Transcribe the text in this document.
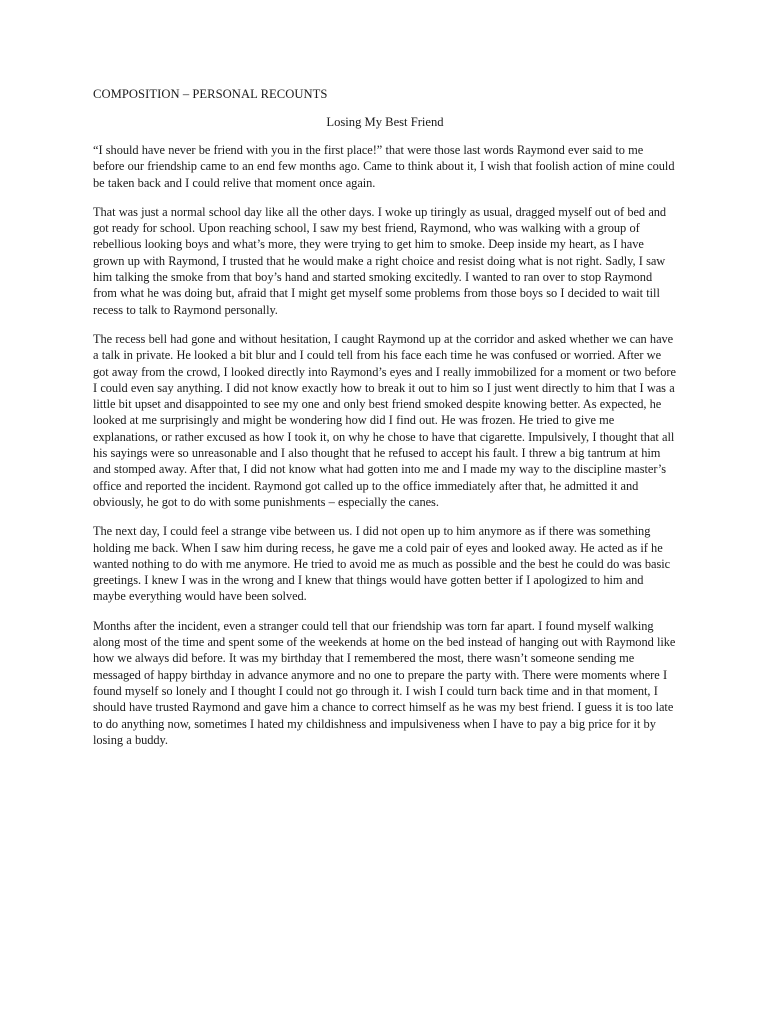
COMPOSITION – PERSONAL RECOUNTS
Losing My Best Friend

“I should have never be friend with you in the first place!” that were those last words Raymond ever said to me before our friendship came to an end few months ago. Came to think about it, I wish that foolish action of mine could be taken back and I could relive that moment once again.

That was just a normal school day like all the other days. I woke up tiringly as usual, dragged myself out of bed and got ready for school. Upon reaching school, I saw my best friend, Raymond, who was walking with a group of rebellious looking boys and what’s more, they were trying to get him to smoke. Deep inside my heart, as I have grown up with Raymond, I trusted that he would make a right choice and resist doing what is not right. Sadly, I saw him talking the smoke from that boy’s hand and started smoking excitedly. I wanted to ran over to stop Raymond from what he was doing but, afraid that I might get myself some problems from those boys so I decided to wait till recess to talk to Raymond personally.

The recess bell had gone and without hesitation, I caught Raymond up at the corridor and asked whether we can have a talk in private. He looked a bit blur and I could tell from his face each time he was confused or worried. After we got away from the crowd, I looked directly into Raymond’s eyes and I really immobilized for a moment or two before I could even say anything. I did not know exactly how to break it out to him so I just went directly to him that I was a little bit upset and disappointed to see my one and only best friend smoked despite knowing better. As expected, he looked at me surprisingly and might be wondering how did I find out. He was frozen. He tried to give me explanations, or rather excused as how I took it, on why he chose to have that cigarette. Impulsively, I thought that all his sayings were so unreasonable and I also thought that he refused to accept his fault. I threw a big tantrum at him and stomped away. After that, I did not know what had gotten into me and I made my way to the discipline master’s office and reported the incident. Raymond got called up to the office immediately after that, he admitted it and obviously, he got to do with some punishments – especially the canes.

The next day, I could feel a strange vibe between us. I did not open up to him anymore as if there was something holding me back. When I saw him during recess, he gave me a cold pair of eyes and looked away. He acted as if he wanted nothing to do with me anymore. He tried to avoid me as much as possible and the best he could do was basic greetings. I knew I was in the wrong and I knew that things would have gotten better if I apologized to him and maybe everything would have been solved.

Months after the incident, even a stranger could tell that our friendship was torn far apart. I found myself walking along most of the time and spent some of the weekends at home on the bed instead of hanging out with Raymond like how we always did before. It was my birthday that I remembered the most, there wasn’t someone sending me messaged of happy birthday in advance anymore and no one to prepare the party with. There were moments where I found myself so lonely and I thought I could not go through it. I wish I could turn back time and in that moment, I should have trusted Raymond and gave him a chance to correct himself as he was my best friend. I guess it is too late to do anything now, sometimes I hated my childishness and impulsiveness when I have to pay a big price for it by losing a buddy.
